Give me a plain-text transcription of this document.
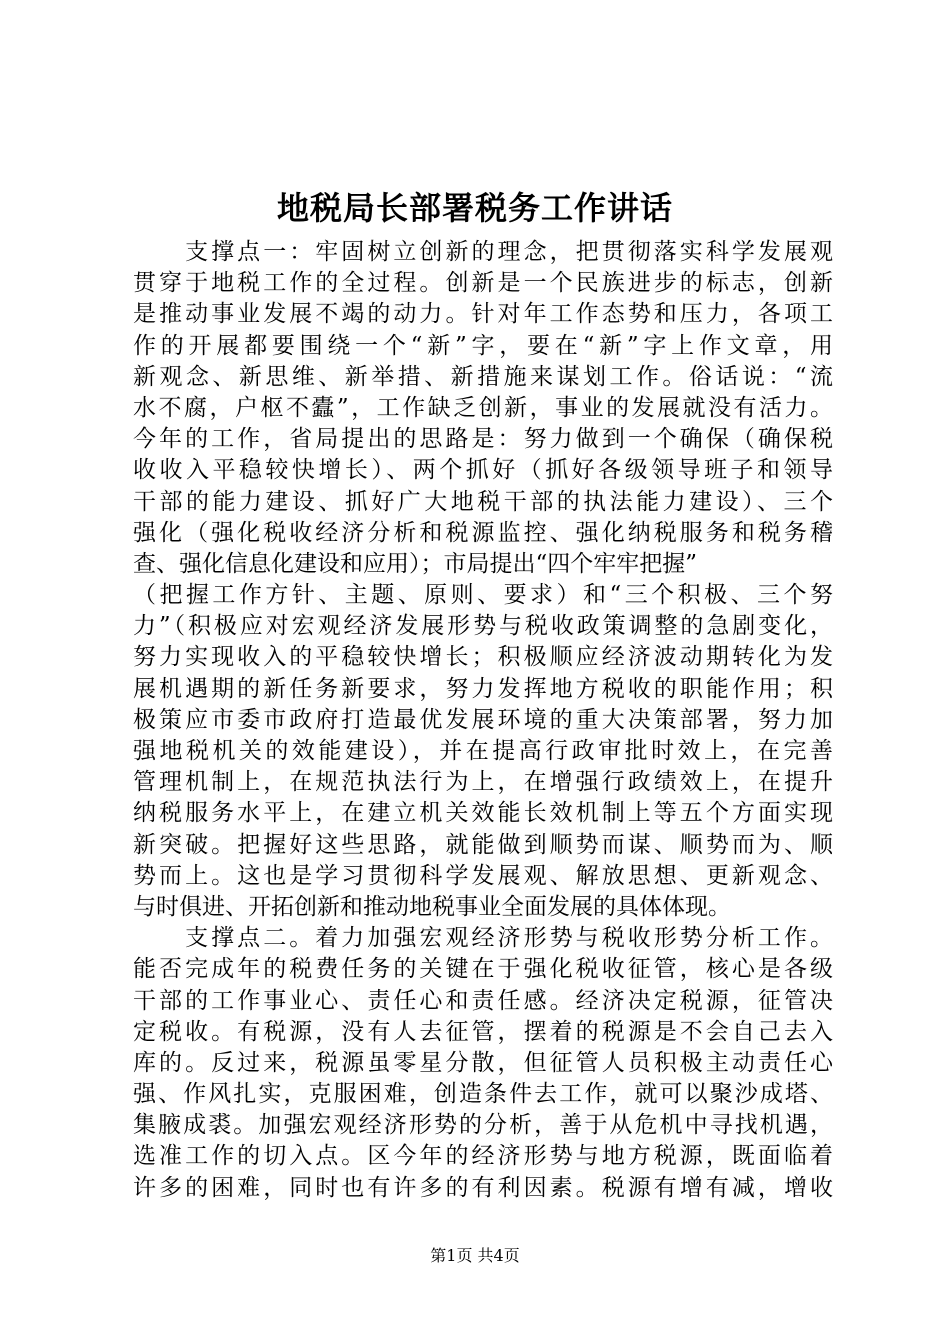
地税局长部署税务工作讲话
　　支撑点一：牢固树立创新的理念，把贯彻落实科学发展观
贯穿于地税工作的全过程。创新是一个民族进步的标志，创新
是推动事业发展不竭的动力。针对年工作态势和压力，各项工
作的开展都要围绕一个“新”字，要在“新”字上作文章，用
新观念、新思维、新举措、新措施来谋划工作。俗话说：“流
水不腐，户枢不蠹”，工作缺乏创新，事业的发展就没有活力。
今年的工作，省局提出的思路是：努力做到一个确保（确保税
收收入平稳较快增长）、两个抓好（抓好各级领导班子和领导
干部的能力建设、抓好广大地税干部的执法能力建设）、三个
强化（强化税收经济分析和税源监控、强化纳税服务和税务稽
查、强化信息化建设和应用）；市局提出“四个牢牢把握”
（把握工作方针、主题、原则、要求）和“三个积极、三个努
力”（积极应对宏观经济发展形势与税收政策调整的急剧变化，
努力实现收入的平稳较快增长；积极顺应经济波动期转化为发
展机遇期的新任务新要求，努力发挥地方税收的职能作用；积
极策应市委市政府打造最优发展环境的重大决策部署，努力加
强地税机关的效能建设），并在提高行政审批时效上，在完善
管理机制上，在规范执法行为上，在增强行政绩效上，在提升
纳税服务水平上，在建立机关效能长效机制上等五个方面实现
新突破。把握好这些思路，就能做到顺势而谋、顺势而为、顺
势而上。这也是学习贯彻科学发展观、解放思想、更新观念、
与时俱进、开拓创新和推动地税事业全面发展的具体体现。
　　支撑点二。着力加强宏观经济形势与税收形势分析工作。
能否完成年的税费任务的关键在于强化税收征管，核心是各级
干部的工作事业心、责任心和责任感。经济决定税源，征管决
定税收。有税源，没有人去征管，摆着的税源是不会自己去入
库的。反过来，税源虽零星分散，但征管人员积极主动责任心
强、作风扎实，克服困难，创造条件去工作，就可以聚沙成塔、
集腋成裘。加强宏观经济形势的分析，善于从危机中寻找机遇，
选准工作的切入点。区今年的经济形势与地方税源，既面临着
许多的困难，同时也有许多的有利因素。税源有增有减，增收
第1页 共4页
